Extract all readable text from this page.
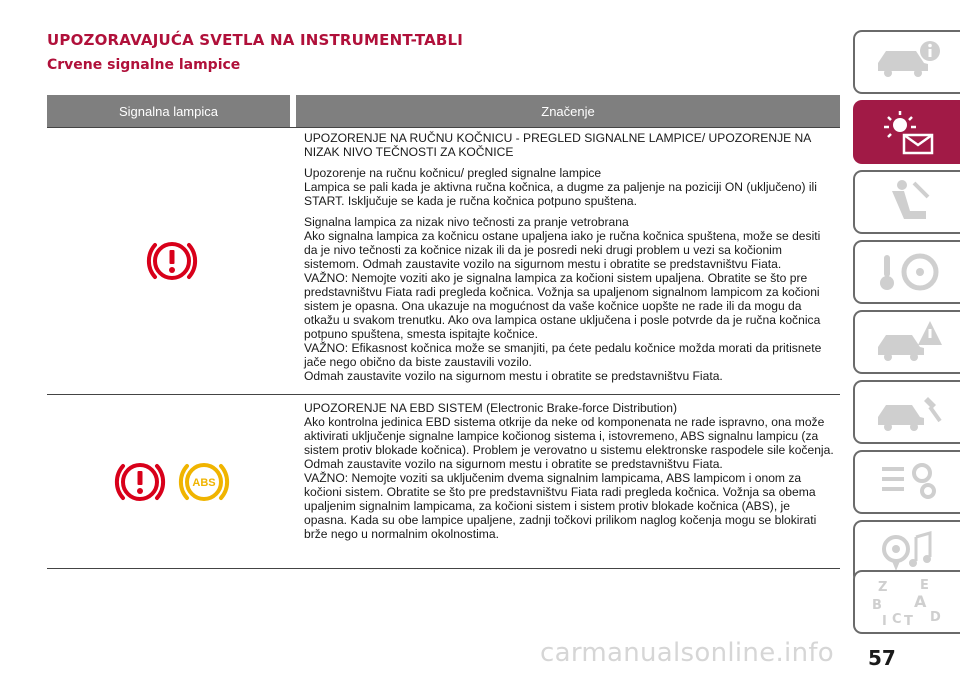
UPOZORAVAJUĆA SVETLA NA INSTRUMENT-TABLI
Crvene signalne lampice
Signalna lampica	Značenje

UPOZORENJE NA RUČNU KOČNICU - PREGLED SIGNALNE LAMPICE/ UPOZORENJE NA NIZAK NIVO TEČNOSTI ZA KOČNICE

Upozorenje na ručnu kočnicu/ pregled signalne lampice
Lampica se pali kada je aktivna ručna kočnica, a dugme za paljenje na poziciji ON (uključeno) ili START. Isključuje se kada je ručna kočnica potpuno spuštena.

Signalna lampica za nizak nivo tečnosti za pranje vetrobrana
Ako signalna lampica za kočnicu ostane upaljena iako je ručna kočnica spuštena, može se desiti da je nivo tečnosti za kočnice nizak ili da je posredi neki drugi problem u vezi sa kočionim sistemom. Odmah zaustavite vozilo na sigurnom mestu i obratite se predstavništvu Fiata.
VAŽNO: Nemojte voziti ako je signalna lampica za kočioni sistem upaljena. Obratite se što pre predstavništvu Fiata radi pregleda kočnica. Vožnja sa upaljenom signalnom lampicom za kočioni sistem je opasna. Ona ukazuje na mogućnost da vaše kočnice uopšte ne rade ili da mogu da otkažu u svakom trenutku. Ako ova lampica ostane uključena i posle potvrde da je ručna kočnica potpuno spuštena, smesta ispitajte kočnice.
VAŽNO: Efikasnost kočnica može se smanjiti, pa ćete pedalu kočnice možda morati da pritisnete jače nego obično da biste zaustavili vozilo.
Odmah zaustavite vozilo na sigurnom mestu i obratite se predstavništvu Fiata.

ABS

UPOZORENJE NA EBD SISTEM (Electronic Brake-force Distribution)
Ako kontrolna jedinica EBD sistema otkrije da neke od komponenata ne rade ispravno, ona može aktivirati uključenje signalne lampice kočionog sistema i, istovremeno, ABS signalnu lampicu (za sistem protiv blokade kočnica). Problem je verovatno u sistemu elektronske raspodele sile kočenja. Odmah zaustavite vozilo na sigurnom mestu i obratite se predstavništvu Fiata.
VAŽNO: Nemojte voziti sa uključenim dvema signalnim lampicama, ABS lampicom i onom za kočioni sistem. Obratite se što pre predstavništvu Fiata radi pregleda kočnica. Vožnja sa obema upaljenim signalnim lampicama, za kočioni sistem i sistem protiv blokade kočnica (ABS), je opasna. Kada su obe lampice upaljene, zadnji točkovi prilikom naglog kočenja mogu se blokirati brže nego u normalnim okolnostima.

Z	E
B A
C D
T
I
carmanualsonline.info 57
